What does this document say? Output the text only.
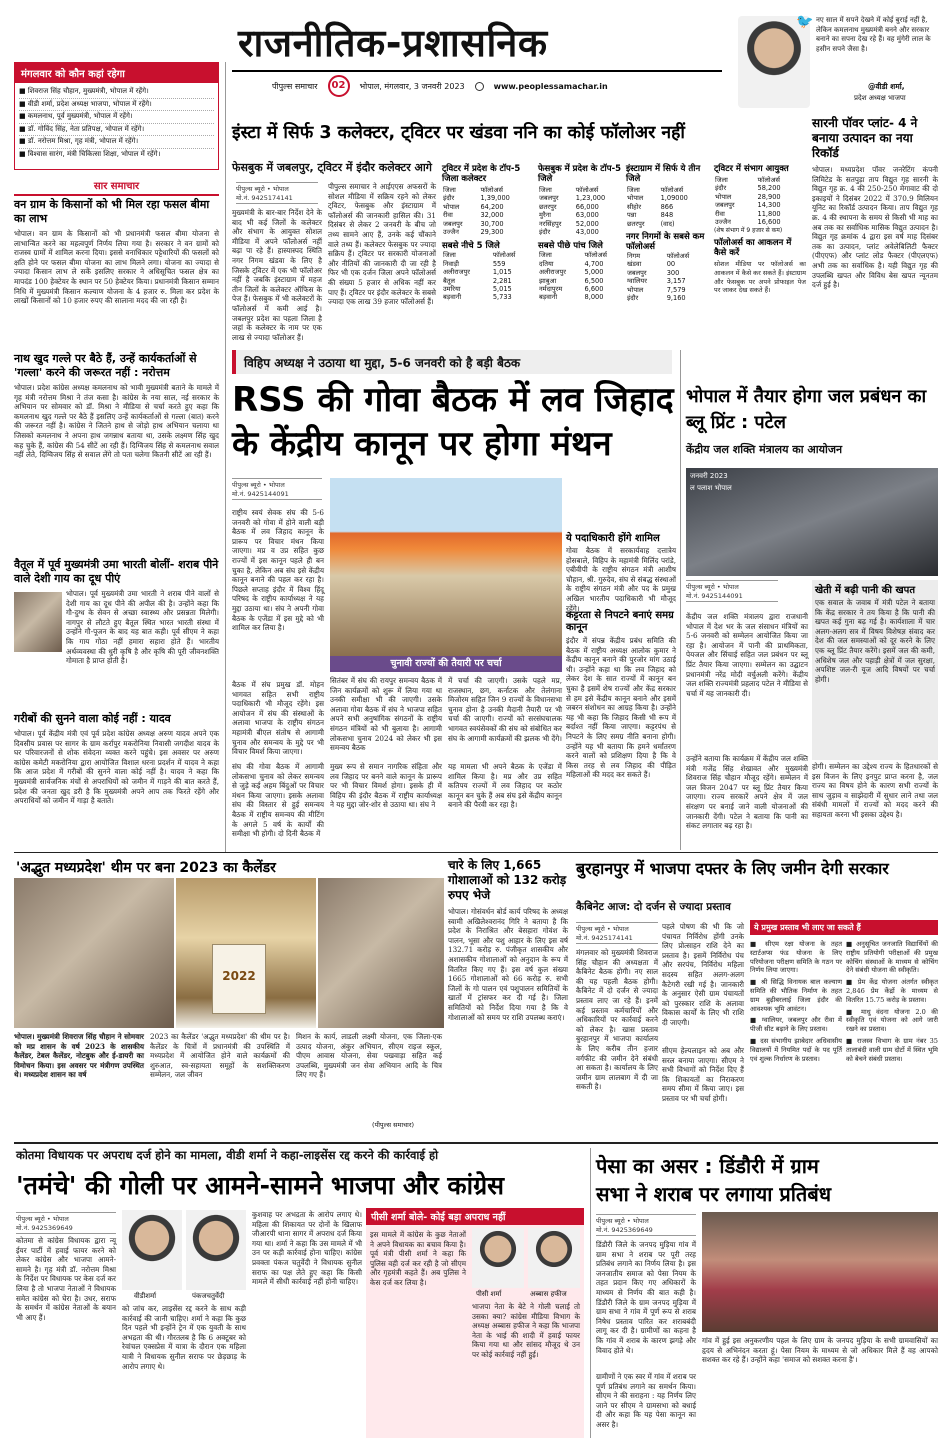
राजनीतिक-प्रशासनिक
पीपुल्स समाचार	02	भोपाल, मंगलवार, 3 जनवरी 2023	www.peoplessamachar.in
🐦 नए साल में सपने देखने में कोई बुराई नहीं है, लेकिन कमलनाथ मुख्यमंत्री बनने और सरकार बनाने का सपना देख रहे हैं। वह मुंगेरी लाल के हसीन सपने जैसा है।
@वीडी शर्मा,
प्रदेश अध्यक्ष भाजपा
मंगलवार को कौन कहां रहेगा
■ शिवराज सिंह चौहान, मुख्यमंत्री, भोपाल में रहेंगे।
■ वीडी शर्मा, प्रदेश अध्यक्ष भाजपा, भोपाल में रहेंगे।
■ कमलनाथ, पूर्व मुख्यमंत्री, भोपाल में रहेंगे।
■ डॉ. गोविंद सिंह, नेता प्रतिपक्ष, भोपाल में रहेंगे।
■ डॉ. नरोत्तम मिश्रा, गृह मंत्री, भोपाल में रहेंगे।
■ विश्वास सारंग, मंत्री चिकित्सा शिक्षा, भोपाल में रहेंगे।
सार समाचार
वन ग्राम के किसानों को भी मिल रहा फसल बीमा का लाभ
भोपाल। वन ग्राम के किसानों को भी प्रधानमंत्री फसल बीमा योजना से लाभान्वित करने का महत्वपूर्ण निर्णय लिया गया है। सरकार ने वन ग्रामों को राजस्व ग्रामों में शामिल करना दिया। इससे वनाधिकार पट्टेधारियों की फसलों को क्षति होने पर फसल बीमा योजना का लाभ मिलने लगा। योजना का ज्यादा से ज्यादा किसान लाभ ले सकें इसलिए सरकार ने अधिसूचित फसल क्षेत्र का मापदंड 100 हेक्टेयर के स्थान पर 50 हेक्टेयर किया। प्रधानमंत्री किसान सम्मान निधि में मुख्यमंत्री किसान कल्याण योजना के 4 हजार रु. मिला कर प्रदेश के लाखों किसानों को 10 हजार रुपए की सालाना मदद की जा रही है।
नाथ खुद गल्ले पर बैठे हैं, उन्हें कार्यकर्ताओं से 'गल्ला' करने की जरूरत नहीं : नरोत्तम
भोपाल। प्रदेश कांग्रेस अध्यक्ष कमलनाथ को भावी मुख्यमंत्री बताने के मामले में गृह मंत्री नरोत्तम मिश्रा ने तंज कसा है। कांग्रेस के नया साल, नई सरकार के अभियान पर सोमवार को डॉ. मिश्रा ने मीडिया से चर्चा करते हुए कहा कि कमलनाथ खुद गल्ले पर बैठे हैं इसलिए उन्हें कार्यकर्ताओं से गल्ला (बात) करने की जरूरत नहीं है। कांग्रेस ने जितने हाथ से जोड़ो हाथ अभियान चलाया था जिसको कमलनाथ ने अपना हाथ जगन्नाथ बताया था, उसके लक्ष्मण सिंह खुद कह चुके हैं, कांग्रेस की 54 सीटें आ रही हैं। दिग्विजय सिंह से कमलनाथ सवाल नहीं लेते, दिग्विजय सिंह से सवाल लेंगे तो पता चलेगा कितनी सीटें आ रही हैं।
वैतूल में पूर्व मुख्यमंत्री उमा भारती बोलीं- शराब पीने वाले देशी गाय का दूध पीएं
भोपाल। पूर्व मुख्यमंत्री उमा भारती ने शराब पीने वालों से देशी गाय का दूध पीने की अपील की है। उन्होंने कहा कि गौ-दुग्ध के सेवन से अच्छा स्वास्थ्य और प्रसन्नता मिलेगी। नागपुर से लौटते हुए बैतूल स्थित भारत भारती संस्था में उन्होंने गौ-पूजन के बाद यह बात कही। पूर्व सीएम ने कहा कि गाय गोठा नहीं हमारा सहारा होते हैं। भारतीय अर्थव्यवस्था की धुरी कृषि है और कृषि की पूरी जीवनशक्ति गोमाता है प्राप्त होती है।
गरीबों की सुनने वाला कोई नहीं : यादव
भोपाल। पूर्व केंद्रीय मंत्री एवं पूर्व प्रदेश कांग्रेस अध्यक्ष अरुण यादव अपने एक दिवसीय प्रवास पर सागर के ग्राम कर्रापुर मकरोनिया निवासी जगदीश यादव के घर परिवारजनों से शोक संवेदना व्यक्त करने पहुंचे। इस अवसर पर अरुण कांग्रेस कमेटी मकरोनिया द्वारा आयोजित विशाल धरना प्रदर्शन में यादव ने कहा कि आज प्रदेश में गरीबों की सुनने वाला कोई नहीं है। यादव ने कहा कि मुख्यमंत्री सार्वजनिक मंचों से अपराधियों को जमीन में गाड़ने की बात करते हैं, प्रदेश की जनता खुद डरी है कि मुख्यमंत्री अपने आप तक फिरते रहेंगे और अपराधियों को जमीन में गाड़ा है बताते।
इंस्टा में सिर्फ 3 कलेक्टर, ट्विटर पर खंडवा ननि का कोई फॉलोअर नहीं
फेसबुक में जबलपुर, ट्विटर में इंदौर कलेक्टर आगे
पीपुल्स ब्यूरो • भोपाल
मो.नं. 9425174141
मुख्यमंत्री के बार-बार निर्देश देने के बाद भी कई जिलों के कलेक्टर और संभाग के आयुक्त सोशल मीडिया में अपने फॉलोअर्स नहीं बढ़ा पा रहे हैं। हास्यास्पद स्थिति नगर निगम खंडवा के लिए है जिसके ट्विटर में एक भी फॉलोअर नहीं है जबकि इंस्टाग्राम में महज तीन जिलों के कलेक्टर ऑफिस के पेज हैं। फेसबुक में भी कलेक्टरों के फॉलोअर्स में कमी आई है। जबलपुर प्रदेश का पहला जिला है जहां के कलेक्टर के नाम पर एक लाख से ज्यादा फॉलोअर हैं।
पीपुल्स समाचार ने आईएएस अफसरों के सोशल मीडिया में सक्रिय रहने को लेकर ट्विटर, फेसबुक और इंस्टाग्राम में फॉलोअर्स की जानकारी हासिल की। 31 दिसंबर से लेकर 2 जनवरी के बीच जो तथ्य सामने आए हैं, उनके कई चौंकाने वाले तथ्य हैं। कलेक्टर फेसबुक पर ज्यादा सक्रिय हैं। ट्विटर पर सरकारी योजनाओं और नीतियों की जानकारी दी जा रही है फिर भी एक दर्जन जिला अपने फॉलोअर्स की संख्या 5 हजार से अधिक नहीं कर पाए हैं। ट्विटर पर इंदौर कलेक्टर के सबसे ज्यादा एक लाख 39 हजार फॉलोअर्स हैं।
ट्विटर में प्रदेश के टॉप-5 जिला कलेक्टर
जिला	फॉलोअर्स
इंदौर	1,39,000
भोपाल	64,200
रीवा	32,000
जबलपुर	30,700
उज्जैन	29,300
सबसे नीचे 5 जिले
जिला	फॉलोअर्स
निवाड़ी	559
अलीराजपुर	1,015
बैतूल	2,281
उमरिया	5,015
बड़वानी	5,733
फेसबुक में प्रदेश के टॉप-5 जिले
जिला	फॉलोअर्स
जबलपुर	1,23,000
छतरपुर	66,000
मुरैना	63,000
नरसिंहपुर	52,000
इंदौर	43,000
सबसे पीछे पांच जिले
जिला	फॉलोअर्स
दतिया	4,700
अलीराजपुर	5,000
झाबुआ	6,500
नर्मदापुरम	6,600
बड़वानी	8,000
इंस्टाग्राम में सिर्फ ये तीन जिले
जिला	फॉलोअर्स
भोपाल	1,09000
सीहोर	866
पन्ना	848
छतरपुर	(वाद)
नगर निगमों के सबसे कम फॉलोअर्स
निगम	फॉलोअर्स
खंडवा	00
जबलपुर	300
ग्वालियर	3,157
भोपाल	7,579
इंदौर	9,160
ट्विटर में संभाग आयुक्त
जिला	फॉलोअर्स
इंदौर	58,200
भोपाल	28,900
जबलपुर	14,300
रीवा	11,800
उज्जैन	16,600
(शेष संभाग में 9 हजार से कम)
फॉलोअर्स का आकलन में कैसे करें
सोशल मीडिया पर फॉलोअर्स का आकलन में कैसे कर सकते हैं। इंस्टाग्राम और फेसबुक पर अपने प्रोफाइल पेज पर जाकर देख सकते हैं।
सारनी पॉवर प्लांट- 4 ने बनाया उत्पादन का नया रिकॉर्ड
भोपाल। मध्यप्रदेश पॉवर जनरेटिंग कंपनी लिमिटेड के सतपुड़ा ताप विद्युत गृह सारनी के विद्युत गृह क्र. 4 की 250-250 मेगावाट की दो इकाइयों ने दिसंबर 2022 में 370.9 मिलियन यूनिट का रिकॉर्ड उत्पादन किया। ताप विद्युत गृह क्र. 4 की स्थापना के समय से किसी भी माह का अब तक का सर्वाधिक मासिक विद्युत उत्पादन है। विद्युत गृह क्रमांक 4 द्वारा इस वर्ष माह दिसंबर तक का उत्पादन, प्लांट अवेलेबिलिटी फैक्टर (पीएएफ) और प्लांट लोड फैक्टर (पीएलएफ) अभी तक का सर्वाधिक है। यही विद्युत गृह की उपलब्धि खपत और विविध बेस खपत न्यूनतम दर्ज हुई है।
विहिप अध्यक्ष ने उठाया था मुद्दा, 5-6 जनवरी को है बड़ी बैठक
RSS की गोवा बैठक में लव जिहाद
के केंद्रीय कानून पर होगा मंथन
पीपुल्स ब्यूरो • भोपाल
मो.नं. 9425144091
राष्ट्रीय स्वयं सेवक संघ की 5-6 जनवरी को गोवा में होने वाली बड़ी बैठक में लव जिहाद कानून के प्रारूप पर विचार मंथन किया जाएगा। मप्र व उप्र सहित कुछ राज्यों में इस कानून पहले ही बन चुका है, लेकिन अब संघ इसे केंद्रीय कानून बनाने की पहल कर रहा है। पिछले सप्ताह इंदौर में विश्व हिंदू परिषद के राष्ट्रीय कार्याध्यक्ष ने यह मुद्दा उठाया था। संघ ने अपनी गोवा बैठक के एजेंडा में इस मुद्दे को भी शामिल कर लिया है।
बैठक में संघ प्रमुख डॉ. मोहन भागवत सहित सभी राष्ट्रीय पदाधिकारी भी मौजूद रहेंगे। इस आयोजन में संघ की संस्थाओं के अलावा भाजपा के राष्ट्रीय संगठन महामंत्री बीएल संतोष से आगामी चुनाव और समन्वय के मुद्दे पर भी विचार विमर्श किया जाएगा।
चुनावी राज्यों की तैयारी पर चर्चा
सितंबर में संघ की रायपुर समन्वय बैठक में जिन कार्यक्रमों को शुरू में लिया गया था उनकी समीक्षा भी की जाएगी। उसके अलावा गोवा बैठक में संघ ने भाजपा सहित अपने सभी अनुषांगिक संगठनों के राष्ट्रीय संगठन मंत्रियों को भी बुलाया है। आगामी लोकसभा चुनाव 2024 को लेकर भी इस समन्वय बैठक
में चर्चा की जाएगी। उसके पहले मप्र, राजस्थान, छग, कर्नाटक और तेलंगाना मिजोरम सहित जिन 9 राज्यों के विधानसभा चुनाव होना है उनकी मैदानी तैयारी पर भी चर्चा की जाएगी। राज्यों को सरसंघचालक भागवत स्वयंसेवकों की संघ को संबोधित कर संघ के आगामी कार्यक्रमों की झलक भी देंगे।
संघ की गोवा बैठक में आगामी लोकसभा चुनाव को लेकर समन्वय से जुड़े कई अहम बिंदुओं पर विचार मंथन किया जाएगा। इसके अलावा संघ की विस्तार से हुई समन्वय बैठक में राष्ट्रीय समन्वय की मीटिंग के अगले 5 वर्ष के कार्यों की समीक्षा भी होगी। दो दिनी बैठक में
मुख्य रूप से समान नागरिक संहिता और लव जिहाद पर बनने वाले कानून के प्रारूप पर भी विचार विमर्श होगा। इसके ही में विहिप की इंदौर बैठक में राष्ट्रीय कार्याध्यक्ष ने यह मुद्दा जोर-शोर से उठाया था। संघ ने
यह मामला भी अपने बैठक के एजेंडा में शामिल किया है। मप्र और उप्र सहित कतिपय राज्यों में लव जिहाद पर कठोर कानून बन चुके हैं अब संघ इसे केंद्रीय कानून बनाने की पैरवी कर रहा है।
ये पदाधिकारी होंगे शामिल
गोवा बैठक में सरकार्यवाह दत्तात्रेय होसबाले, विहिप के महामंत्री मिलिंद परांडे, एबीवीपी के राष्ट्रीय संगठन मंत्री आशीष चौहान, श्री. गुरुदेव, संघ से संबद्ध संस्थाओं के राष्ट्रीय संगठन मंत्री और पद के प्रमुख अखिल भारतीय पदाधिकारी भी मौजूद रहेंगे।
कट्टरता से निपटने बनाएं समग्र कानून
इंदौर में संपन्न केंद्रीय प्रबंध समिति की बैठक में राष्ट्रीय अध्यक्ष आलोक कुमार ने केंद्रीय कानून बनाने की पुरजोर मांग उठाई थी। उन्होंने कहा था कि लव जिहाद को लेकर देश के सात राज्यों में कानून बन चुका है इसमें शेष राज्यों और केंद्र सरकार से हम इसे केंद्रीय कानून बनाने और इसमें जबरन संशोधन का आग्रह किया है। उन्होंने यह भी कहा कि जिहाद किसी भी रूप में बर्दाश्त नहीं किया जाएगा। कट्टरपंथ से निपटने के लिए समग्र नीति बनाना होगी। उन्होंने यह भी बताया कि हमने धर्मांतरण करने वालों को प्रशिक्षण दिया है कि वे किस तरह से लव जिहाद की पीड़ित महिलाओं की मदद कर सकते हैं।
भोपाल में तैयार होगा जल प्रबंधन का ब्लू प्रिंट : पटेल
केंद्रीय जल शक्ति मंत्रालय का आयोजन
जनवरी 2023
ल पलाश भोपाल
पीपुल्स ब्यूरो • भोपाल
मो.नं. 9425144091	खेती में बढ़ी पानी की खपत
एक सवाल के जवाब में मंत्री पटेल ने बताया कि केंद्र सरकार ने तय किया है कि पानी की खपत कई गुना बढ़ गई है। कार्यशाला में चार अलग-अलग सत्र में विषय विशेषज्ञ संवाद कर देश की जल समस्याओं को दूर करने के लिए एक ब्लू प्रिंट तैयार करेंगे। इसमें जल की कमी, अधिशेष जल और पहाड़ी क्षेत्रों में जल सुरक्षा, अपशिष्ट जल-री यूज आदि विषयों पर चर्चा होगी।
केंद्रीय जल शक्ति मंत्रालय द्वारा राजधानी भोपाल में देश भर के जल संसाधन मंत्रियों का 5-6 जनवरी को सम्मेलन आयोजित किया जा रहा है। आयोजन में पानी की प्राथमिकता, पेयजल और सिंचाई सहित जल प्रबंधन पर ब्लू प्रिंट तैयार किया जाएगा। सम्मेलन का उद्घाटन प्रधानमंत्री नरेंद्र मोदी वर्चुअली करेंगे। केंद्रीय जल शक्ति राज्यमंत्री प्रहलाद पटेल ने मीडिया से चर्चा में यह जानकारी दी।
उन्होंने बताया कि कार्यक्रम में केंद्रीय जल शक्ति मंत्री गजेंद्र सिंह शेखावत और मुख्यमंत्री शिवराज सिंह चौहान मौजूद रहेंगे। सम्मेलन में जल विजन 2047 पर ब्लू प्रिंट तैयार किया जाएगा। राज्य सरकारें अपने क्षेत्र में जल संरक्षण पर बनाई जाने वाली योजनाओं की जानकारी देंगी। पटेल ने बताया कि पानी का संकट लगातार बढ़ रहा है।
होगी। सम्मेलन का उद्देश्य राज्य के हितधारकों से इस विजन के लिए इनपुट प्राप्त करना है, जल राज्य का विषय होने के कारण सभी राज्यों के साथ जुड़ाव व साझेदारी में सुधार लाने तथा जल संबंधी मामलों में राज्यों को मदद करने की सहायता करना भी इसका उद्देश्य है।
'अद्भुत मध्यप्रदेश' थीम पर बना 2023 का कैलेंडर
2022
भोपाल। मुख्यमंत्री शिवराज सिंह चौहान ने सोमवार को मप्र शासन के वर्ष 2023 के शासकीय कैलेंडर, टेबल कैलेंडर, नोटबुक और ई-डायरी का विमोचन किया। इस अवसर पर मंत्रीगण उपस्थित थे। मध्यप्रदेश शासन का वर्ष
2023 का कैलेंडर 'अद्भुत मध्यप्रदेश' की थीम पर है। कैलेंडर के चित्रों में प्रधानमंत्री की उपस्थिति में मध्यप्रदेश में आयोजित होने वाले कार्यक्रमों की शुरुआत, स्व-सहायता समूहों के सशक्तिकरण सम्मेलन, जल जीवन
मिशन के कार्य, लाडली लक्ष्मी योजना, एक जिला-एक उत्पाद योजना, अंकुर अभियान, सीएम राइज स्कूल, पीएम आवास योजना, सेवा पखवाड़ा सहित कई उपलब्धि, मुख्यमंत्री जन सेवा अभियान आदि के चित्र लिए गए हैं।
(पीपुल्स समाचार)
चारे के लिए 1,665 गोशालाओं को 132 करोड़ रुपए भेजे
भोपाल। गोसंवर्धन बोर्ड कार्य परिषद के अध्यक्ष स्वामी अखिलेश्वरानंद गिरि ने बताया है कि प्रदेश के निराश्रित और बेसहारा गोवंश के पालन, भूसा और पशु आहार के लिए इस वर्ष 132.71 करोड़ रु. पंजीकृत शासकीय और अशासकीय गोशालाओं को अनुदान के रूप में वितरित किए गए हैं। इस वर्ष कुल संख्या 1665 गोशालाओं को 66 करोड़ रु. सभी जिलों के गो पालन एवं पशुपालन समितियों के खातों में ट्रांसफर कर दी गई है। जिला समितियों को निर्देश दिया गया है कि वे गोशालाओं को समय पर राशि उपलब्ध कराएं।
बुरहानपुर में भाजपा दफ्तर के लिए जमीन देगी सरकार
कैबिनेट आज: दो दर्जन से ज्यादा प्रस्ताव
पीपुल्स ब्यूरो • भोपाल
मो.नं. 9425174141
मंगलवार को मुख्यमंत्री शिवराज सिंह चौहान की अध्यक्षता में कैबिनेट बैठक होगी। नए साल की यह पहली बैठक होगी। कैबिनेट में दो दर्जन से ज्यादा प्रस्ताव लाए जा रहे हैं। इनमें कई प्रस्ताव कर्मचारियों और अधिकारियों पर कार्रवाई करने को लेकर है। खास प्रस्ताव बुरहानपुर में भाजपा कार्यालय के लिए करीब तीन हजार वर्गफीट की जमीन देने संबंधी आ सकता है। कार्यालय के लिए जमीन ग्राम लालबाग में दी जा सकती है।
पहले पोषण की भी कि जो पंचायत निर्विरोध होंगी उनके लिए प्रोत्साहन राशि देने का प्रस्ताव है। इसमें निर्विरोध पंच और सरपंच, निर्विरोध महिला सदस्य सहित अलग-अलग कैटेगरी रखी गई है। जानकारी के अनुसार ऐसी ग्राम पंचायतों को पुरस्कार राशि के अलावा विकास कार्यों के लिए भी राशि दी जाएगी।
सीएम हेल्पलाइन को अब और सरल बनाया जाएगा। सीएम ने सभी विभागों को निर्देश दिए हैं कि शिकायतों का निराकरण समय सीमा में किया जाए। इस प्रस्ताव पर भी चर्चा होगी।
ये प्रमुख प्रस्ताव भी लाए जा सकते हैं
■ सीएम रक्षा योजना के तहत स्टार्टअप्स फंड योजना के लिए परियोजना परीक्षण समिति के गठन पर निर्णय लिया जाएगा।
■ श्री सिद्धि विनायक बाल कल्याण समिति की भौतिक निर्माण के तहत ग्राम बुढ़ीबरलाई जिला इंदौर की आवश्यक भूमि आवंटन।
■ ग्वालियर, जबलपुर और रीवा में पीजी सीट बढ़ाने के लिए प्रस्ताव।
■ दस संभागीय झाबेदार अधिवासीय विद्यालयों में नियमित पदों के पद पूर्ति एवं शुल्क निर्धारण के प्रस्ताव।
■ अनुसूचित जनजाति विद्यार्थियों की राष्ट्रीय प्रतियोगी परीक्षाओं की प्रमुख कोचिंग संस्थाओं के माध्यम से कोचिंग देने संबंधी योजना की स्वीकृति।
■ प्रेम केंद्र योजना अंतर्गत स्वीकृत 2,846 प्रेम केंद्रों के माध्यम से वितरित 15.75 करोड़ के प्रस्ताव।
■ माधु वंदना योजना 2.0 की स्वीकृति एवं योजना को आगे जारी रखने का प्रस्ताव।
■ राजस्व विभाग के ग्राम नंबर 35 तालाबंदी वाली ग्राम दोटों में स्थित भूमि को बेचने संबंधी प्रस्ताव।
कोतमा विधायक पर अपराध दर्ज होने का मामला, वीडी शर्मा ने कहा-लाइसेंस रद्द करने की कार्रवाई हो
'तमंचे' की गोली पर आमने-सामने भाजपा और कांग्रेस
पीपुल्स ब्यूरो • भोपाल
मो.नं. 9425369649
वीडीशर्मा	पंकजचतुर्वेदी
कोतमा से कांग्रेस विधायक द्वारा न्यू ईयर पार्टी में हवाई फायर करने को लेकर कांग्रेस और भाजपा आमने-सामने है। गृह मंत्री डॉ. नरोत्तम मिश्रा के निर्देश पर विधायक पर केस दर्ज कर लिया है तो भाजपा नेताओं ने विधायक समेत कांग्रेस को घेरा है। उधर, सराफ के समर्थन में कांग्रेस नेताओं के बयान भी आए हैं।
को जांच कर, लाइसेंस रद्द करने के साथ कड़ी कार्रवाई की जानी चाहिए। शर्मा ने कहा कि कुछ दिन पहले भी इन्होंने ट्रेन में एक युवती के साथ अभद्रता की थी। गौरतलब है कि 6 अक्टूबर को रेवांचल एक्सप्रेस में यात्रा के दौरान एक महिला यात्री ने विधायक सुनील सराफ पर छेड़छाड़ के आरोप लगाए थे।
कुशवाह पर अभद्रता के आरोप लगाए थे। महिला की शिकायत पर दोनों के खिलाफ जीआरपी थाना सागर में अपराध दर्ज किया गया था। शर्मा ने कहा कि उस मामले में भी उन पर कड़ी कार्रवाई होना चाहिए। कांग्रेस प्रवक्ता पंकज चतुर्वेदी ने विधायक सुनील सराफ का पक्ष लेते हुए कहा कि किसी मामले में सीधी कार्रवाई नहीं होनी चाहिए।
पीसी शर्मा बोले- कोई बड़ा अपराध नहीं
इस मामले में कांग्रेस के कुछ नेताओं ने अपने विधायक का बचाव किया है। पूर्व मंत्री पीसी शर्मा ने कहा कि पुलिस वही दर्ज कर रही है जो सीएम और गृहमंत्री कहते हैं। अब पुलिस ने केस दर्ज कर लिया है।
पीसी शर्मा	अब्बास हफीज
भाजपा नेता के बेटे ने गोली चलाई तो उसका क्या? कांग्रेस मीडिया विभाग के अध्यक्ष अब्बास हफीज ने कहा कि भाजपा नेता के भाई की शादी में हवाई फायर किया गया था और सांसद मौजूद थे उन पर कोई कार्रवाई नहीं हुई।
पेसा का असर : डिंडौरी में ग्राम
सभा ने शराब पर लगाया प्रतिबंध
पीपुल्स ब्यूरो • भोपाल
मो.नं. 9425369649
डिंडौरी जिले के जनपद मुड़िया गांव में ग्राम सभा ने शराब पर पूरी तरह प्रतिबंध लगाने का निर्णय लिया है। इस जनजातीय समाज को पेसा नियम के तहत प्रदान किए गए अधिकारों के माध्यम से निर्णय की बात कही है। डिंडौरी जिले के ग्राम जनपद मुड़िया में ग्राम सभा ने गांव में पूर्ण रूप से शराब निषेध प्रस्ताव पारित कर शराबबंदी लागू कर दी है। ग्रामीणों का कहना है कि गांव में शराब के कारण झगड़े और विवाद होते थे।
ग्रामीणों ने एक स्वर में गांव में शराब पर पूर्ण प्रतिबंध लगाने का समर्थन किया। सीएम ने की सराहना : यह निर्णय लिए जाने पर सीएम ने ग्रामसभा को बधाई दी और कहा कि यह पेसा कानून का असर है।
गांव में हुई इस अनुकरणीय पहल के लिए ग्राम के जनपद मुड़िया के सभी ग्रामवासियों का हृदय से अभिनंदन करता हूं। पेसा नियम के माध्यम से जो अधिकार मिले हैं वह आपको सशक्त कर रहे हैं। उन्होंने कहा 'समाज को सशक्त करना है'।
